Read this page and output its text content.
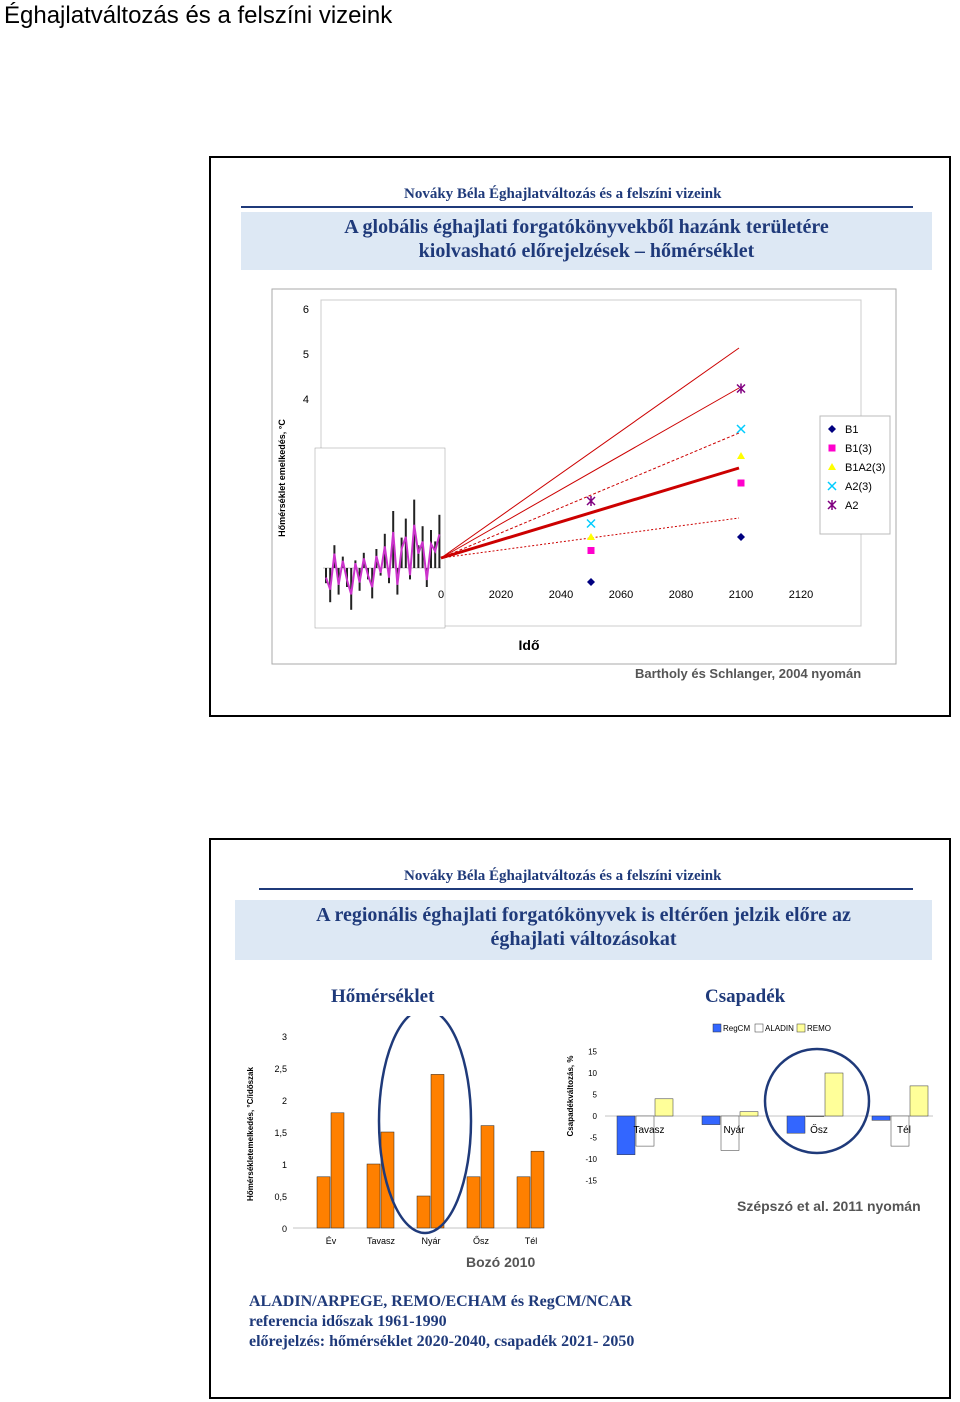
Éghajlatváltozás és a felszíni vizeink
Nováky Béla Éghajlatváltozás és a felszíni vizeink
A globális éghajlati forgatókönyvekből hazánk területére
kiolvasható előrejelzések – hőmérséklet
Hőmérséklet emelkedés, °C
6
5
4
0	2020	2040	2060	2080	2100	2120
Idő
B1
B1(3)
B1A2(3)
A2(3)
A2
Bartholy és Schlanger, 2004 nyomán
Nováky Béla Éghajlatváltozás és a felszíni vizeink
A regionális éghajlati forgatókönyvek is eltérően jelzik előre az
éghajlati változásokat
Hőmérséklet	Csapadék
Hőmérsékletemelkedés, °C/időszak
3
2,5
2
1,5
1
0,5
0
Év	Tavasz	Nyár	Ősz	Tél
Csapadékváltozás, %
RegCM ALADIN REMO
15
10
5
0
-5
-10
-15
Tavasz	Nyár	Ősz	Tél
Szépszó et al. 2011 nyomán
Bozó 2010
ALADIN/ARPEGE, REMO/ECHAM és RegCM/NCAR
referencia időszak 1961-1990
előrejelzés: hőmérséklet 2020-2040, csapadék 2021- 2050
